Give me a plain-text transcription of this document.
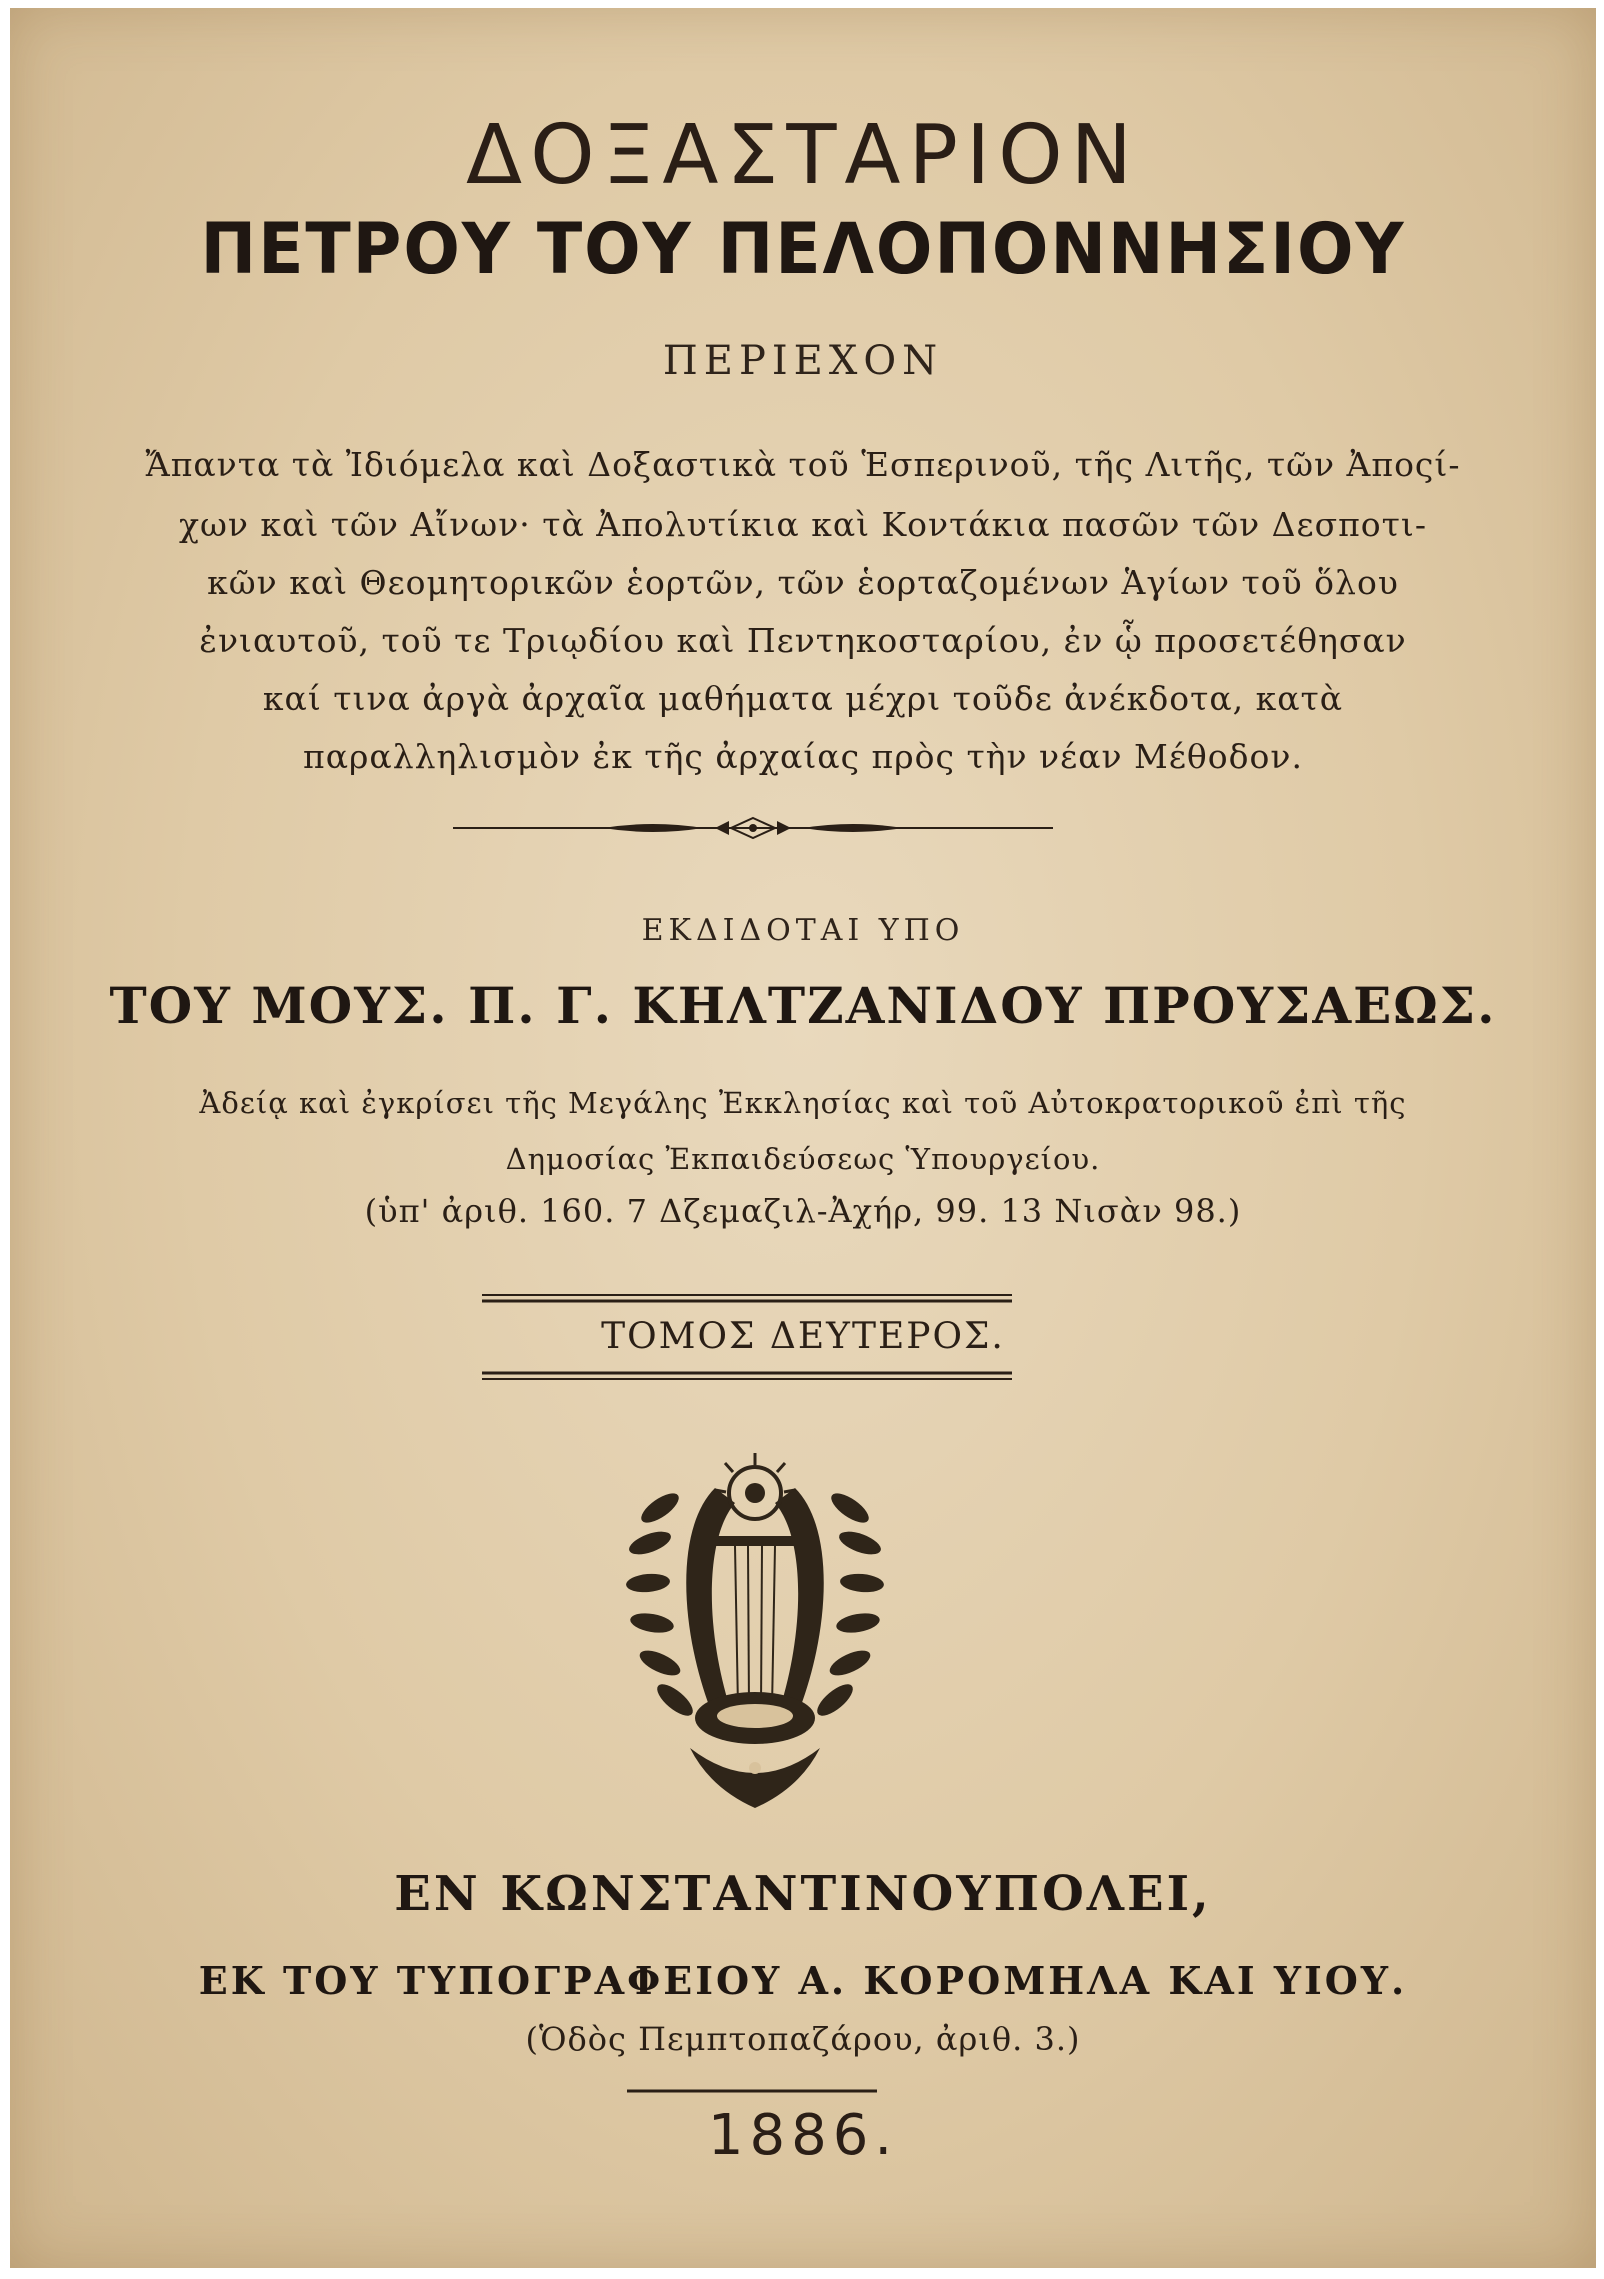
ΔΟΞΑΣΤΑΡΙΟΝ
ΠΕΤΡΟΥ ΤΟΥ ΠΕΛΟΠΟΝΝΗΣΙΟΥ
ΠΕΡΙΕΧΟΝ
Ἄπαντα τὰ Ἰδιόμελα καὶ Δοξαστικὰ τοῦ Ἑσπερινοῦ, τῆς Λιτῆς, τῶν Ἀποςί-
χων καὶ τῶν Αἴνων· τὰ Ἀπολυτίκια καὶ Κοντάκια πασῶν τῶν Δεσποτι-
κῶν καὶ Θεομητορικῶν ἑορτῶν, τῶν ἑορταζομένων Ἁγίων τοῦ ὅλου
ἐνιαυτοῦ, τοῦ τε Τριῳδίου καὶ Πεντηκοσταρίου, ἐν ᾧ προσετέθησαν
καί τινα ἀργὰ ἀρχαῖα μαθήματα μέχρι τοῦδε ἀνέκδοτα, κατὰ
παραλληλισμὸν ἐκ τῆς ἀρχαίας πρὸς τὴν νέαν Μέθοδον.
ΕΚΔΙΔΟΤΑΙ ΥΠΟ
ΤΟΥ ΜΟΥΣ. Π. Γ. ΚΗΛΤΖΑΝΙΔΟΥ ΠΡΟΥΣΑΕΩΣ.
Ἀδείᾳ καὶ ἐγκρίσει τῆς Μεγάλης Ἐκκλησίας καὶ τοῦ Αὐτοκρατορικοῦ ἐπὶ τῆς
Δημοσίας Ἐκπαιδεύσεως Ὑπουργείου.
(ὑπ' ἀριθ. 160. 7 Δζεμαζιλ-Ἀχήρ, 99. 13 Νισὰν 98.)
ΤΟΜΟΣ ΔΕΥΤΕΡΟΣ.
ΕΝ ΚΩΝΣΤΑΝΤΙΝΟΥΠΟΛΕΙ,
ΕΚ ΤΟΥ ΤΥΠΟΓΡΑΦΕΙΟΥ Α. ΚΟΡΟΜΗΛΑ ΚΑΙ ΥΙΟΥ.
(Ὁδὸς Πεμπτοπαζάρου, ἀριθ. 3.)
1886.
